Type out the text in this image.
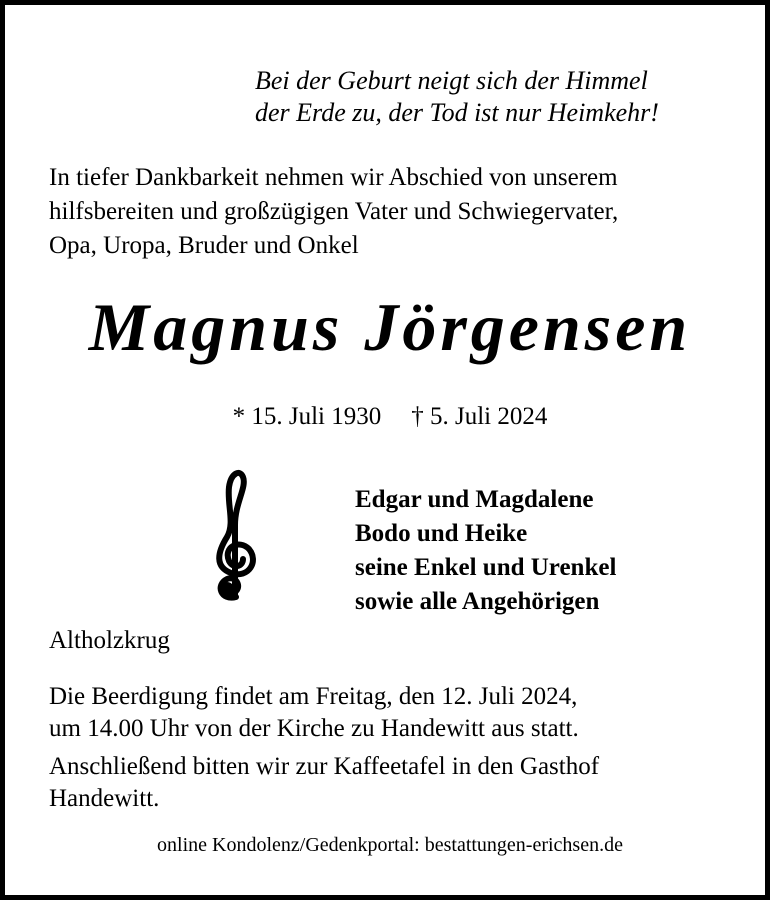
Bei der Geburt neigt sich der Himmel
der Erde zu, der Tod ist nur Heimkehr!
In tiefer Dankbarkeit nehmen wir Abschied von unserem
hilfsbereiten und großzügigen Vater und Schwiegervater,
Opa, Uropa, Bruder und Onkel
Magnus Jörgensen
* 15. Juli 1930 † 5. Juli 2024
Edgar und Magdalene
Bodo und Heike
seine Enkel und Urenkel
sowie alle Angehörigen
Altholzkrug
Die Beerdigung findet am Freitag, den 12. Juli 2024,
um 14.00 Uhr von der Kirche zu Handewitt aus statt.
Anschließend bitten wir zur Kaffeetafel in den Gasthof
Handewitt.
online Kondolenz/Gedenkportal: bestattungen-erichsen.de
